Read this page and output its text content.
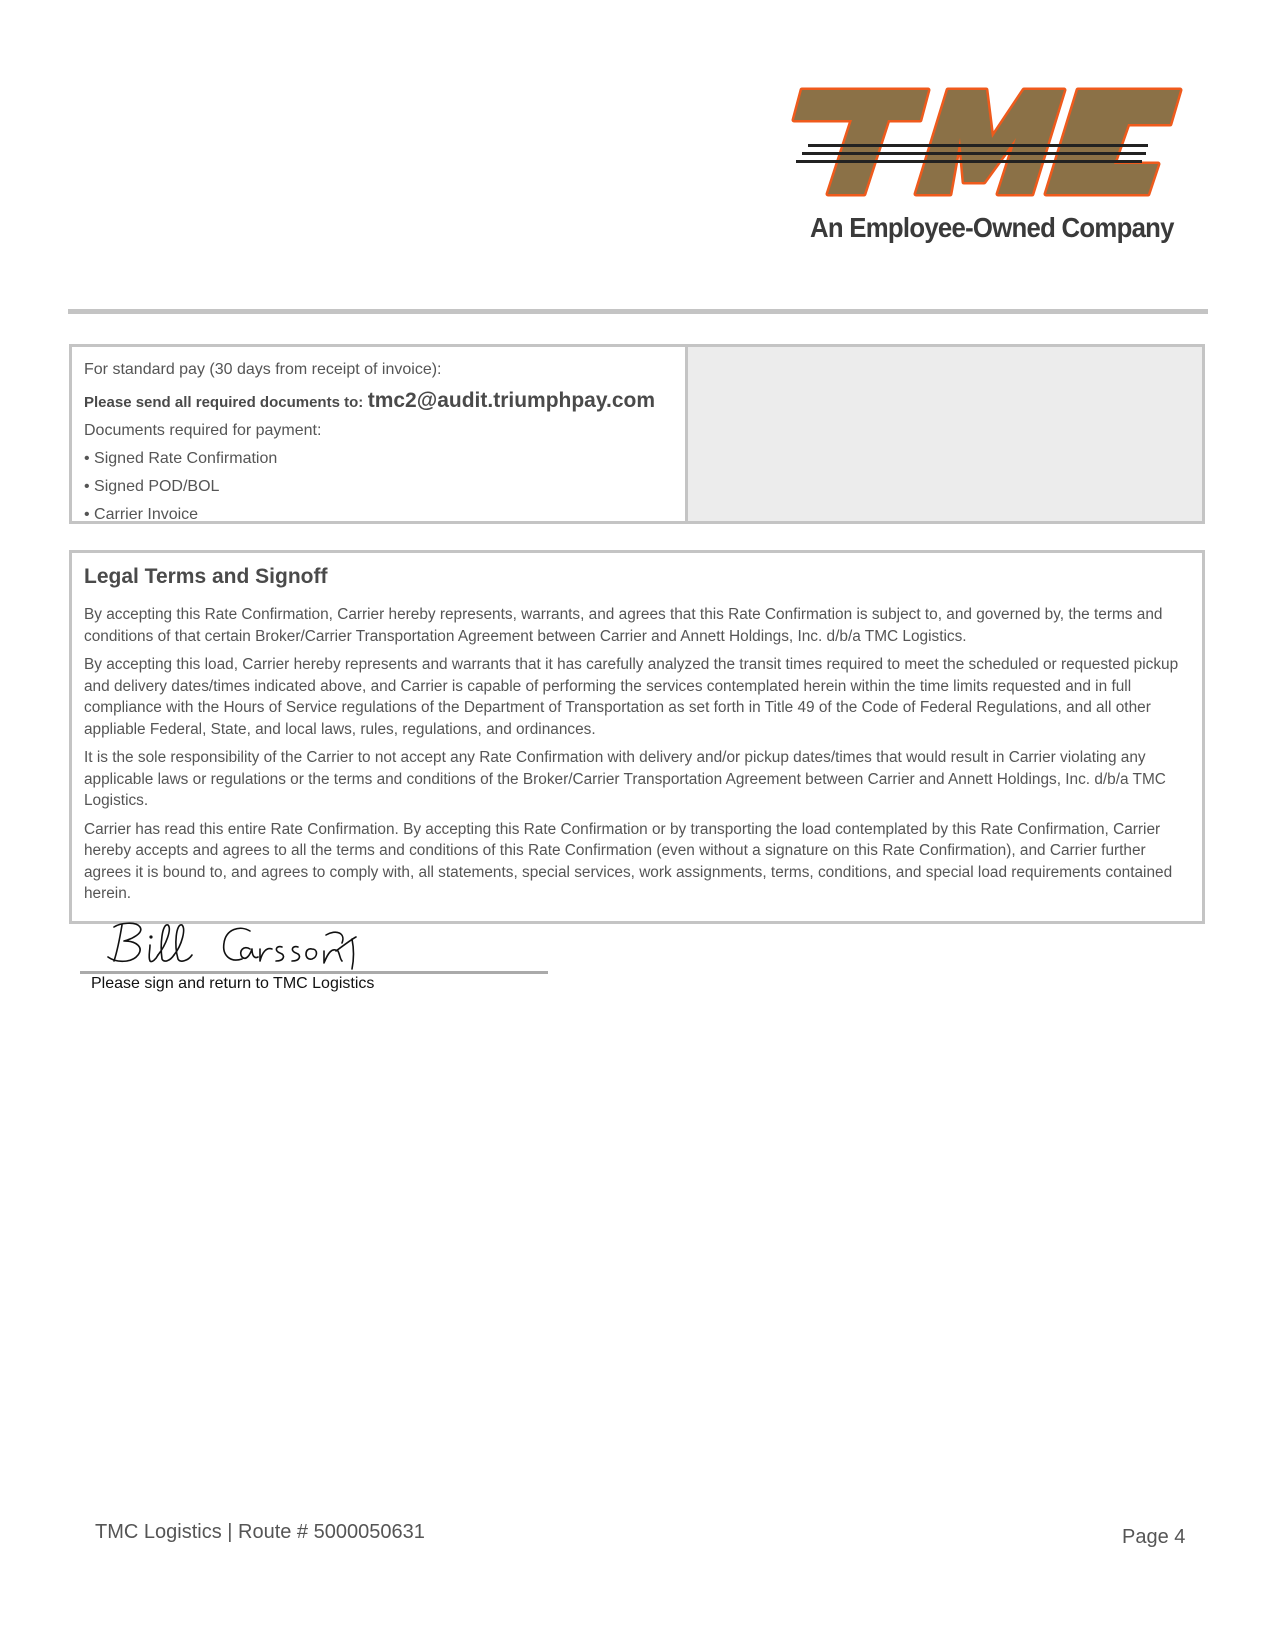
An Employee-Owned Company
For standard pay (30 days from receipt of invoice):
Please send all required documents to: tmc2@audit.triumphpay.com
Documents required for payment:
• Signed Rate Confirmation
• Signed POD/BOL
• Carrier Invoice
Legal Terms and Signoff

By accepting this Rate Confirmation, Carrier hereby represents, warrants, and agrees that this Rate Confirmation is subject to, and governed by, the terms and conditions of that certain Broker/Carrier Transportation Agreement between Carrier and Annett Holdings, Inc. d/b/a TMC Logistics.

By accepting this load, Carrier hereby represents and warrants that it has carefully analyzed the transit times required to meet the scheduled or requested pickup and delivery dates/times indicated above, and Carrier is capable of performing the services contemplated herein within the time limits requested and in full compliance with the Hours of Service regulations of the Department of Transportation as set forth in Title 49 of the Code of Federal Regulations, and all other appliable Federal, State, and local laws, rules, regulations, and ordinances.

It is the sole responsibility of the Carrier to not accept any Rate Confirmation with delivery and/or pickup dates/times that would result in Carrier violating any applicable laws or regulations or the terms and conditions of the Broker/Carrier Transportation Agreement between Carrier and Annett Holdings, Inc. d/b/a TMC Logistics.

Carrier has read this entire Rate Confirmation. By accepting this Rate Confirmation or by transporting the load contemplated by this Rate Confirmation, Carrier hereby accepts and agrees to all the terms and conditions of this Rate Confirmation (even without a signature on this Rate Confirmation), and Carrier further agrees it is bound to, and agrees to comply with, all statements, special services, work assignments, terms, conditions, and special load requirements contained herein.

Please sign and return to TMC Logistics
TMC Logistics | Route # 5000050631	Page 4
